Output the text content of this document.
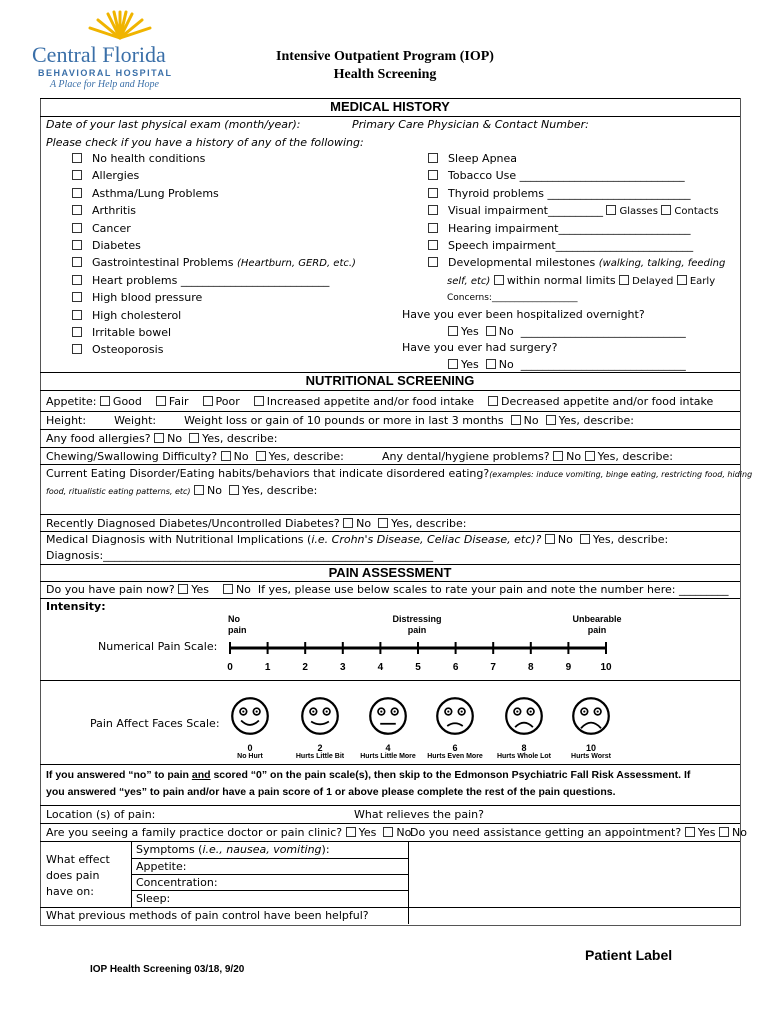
Central Florida
BEHAVIORAL HOSPITAL
A Place for Help and Hope
Intensive Outpatient Program (IOP)
Health Screening
MEDICAL HISTORY
Date of your last physical exam (month/year):	Primary Care Physician & Contact Number:
Please check if you have a history of any of the following:
No health conditions
Allergies
Asthma/Lung Problems
Arthritis
Cancer
Diabetes
Gastrointestinal Problems (Heartburn, GERD, etc.)
Heart problems ___________________________
High blood pressure
High cholesterol
Irritable bowel
Osteoporosis
Sleep Apnea
Tobacco Use ______________________________
Thyroid problems __________________________
Visual impairment__________ Glasses Contacts
Hearing impairment________________________
Speech impairment_________________________
Developmental milestones (walking, talking, feeding
self, etc) within normal limits Delayed Early
Concerns:___________________
Have you ever been hospitalized overnight?
Yes No ______________________________
Have you ever had surgery?
Yes No ______________________________
NUTRITIONAL SCREENING
Appetite: Good Fair Poor Increased appetite and/or food intake Decreased appetite and/or food intake
Height:	Weight:	Weight loss or gain of 10 pounds or more in last 3 months No Yes, describe:
Any food allergies? No Yes, describe:
Chewing/Swallowing Difficulty? No Yes, describe:	Any dental/hygiene problems? No Yes, describe:
Current Eating Disorder/Eating habits/behaviors that indicate disordered eating?(examples: induce vomiting, binge eating, restricting food, hiding
food, ritualistic eating patterns, etc) No Yes, describe:
Recently Diagnosed Diabetes/Uncontrolled Diabetes? No Yes, describe:
Medical Diagnosis with Nutritional Implications (i.e. Crohn's Disease, Celiac Disease, etc)? No Yes, describe:
Diagnosis:____________________________________________________________
PAIN ASSESSMENT
Do you have pain now? Yes No If yes, please use below scales to rate your pain and note the number here: _________
Intensity:
Numerical Pain Scale:
No
pain
Distressing
pain
Unbearable
pain
0	1	2	3	4	5	6	7	8	9	10
Pain Affect Faces Scale:
0
No Hurt
2
Hurts Little Bit
4
Hurts Little More
6
Hurts Even More
8
Hurts Whole Lot
10
Hurts Worst
If you answered “no” to pain and scored “0” on the pain scale(s), then skip to the Edmonson Psychiatric Fall Risk Assessment. If
you answered “yes” to pain and/or have a pain score of 1 or above please complete the rest of the pain questions.
Location (s) of pain:	What relieves the pain?
Are you seeing a family practice doctor or pain clinic? Yes No
Do you need assistance getting an appointment? Yes No
What effect
does pain
have on:
Symptoms (i.e., nausea, vomiting):
Appetite:
Concentration:
Sleep:
What previous methods of pain control have been helpful?
Patient Label
IOP Health Screening 03/18, 9/20
